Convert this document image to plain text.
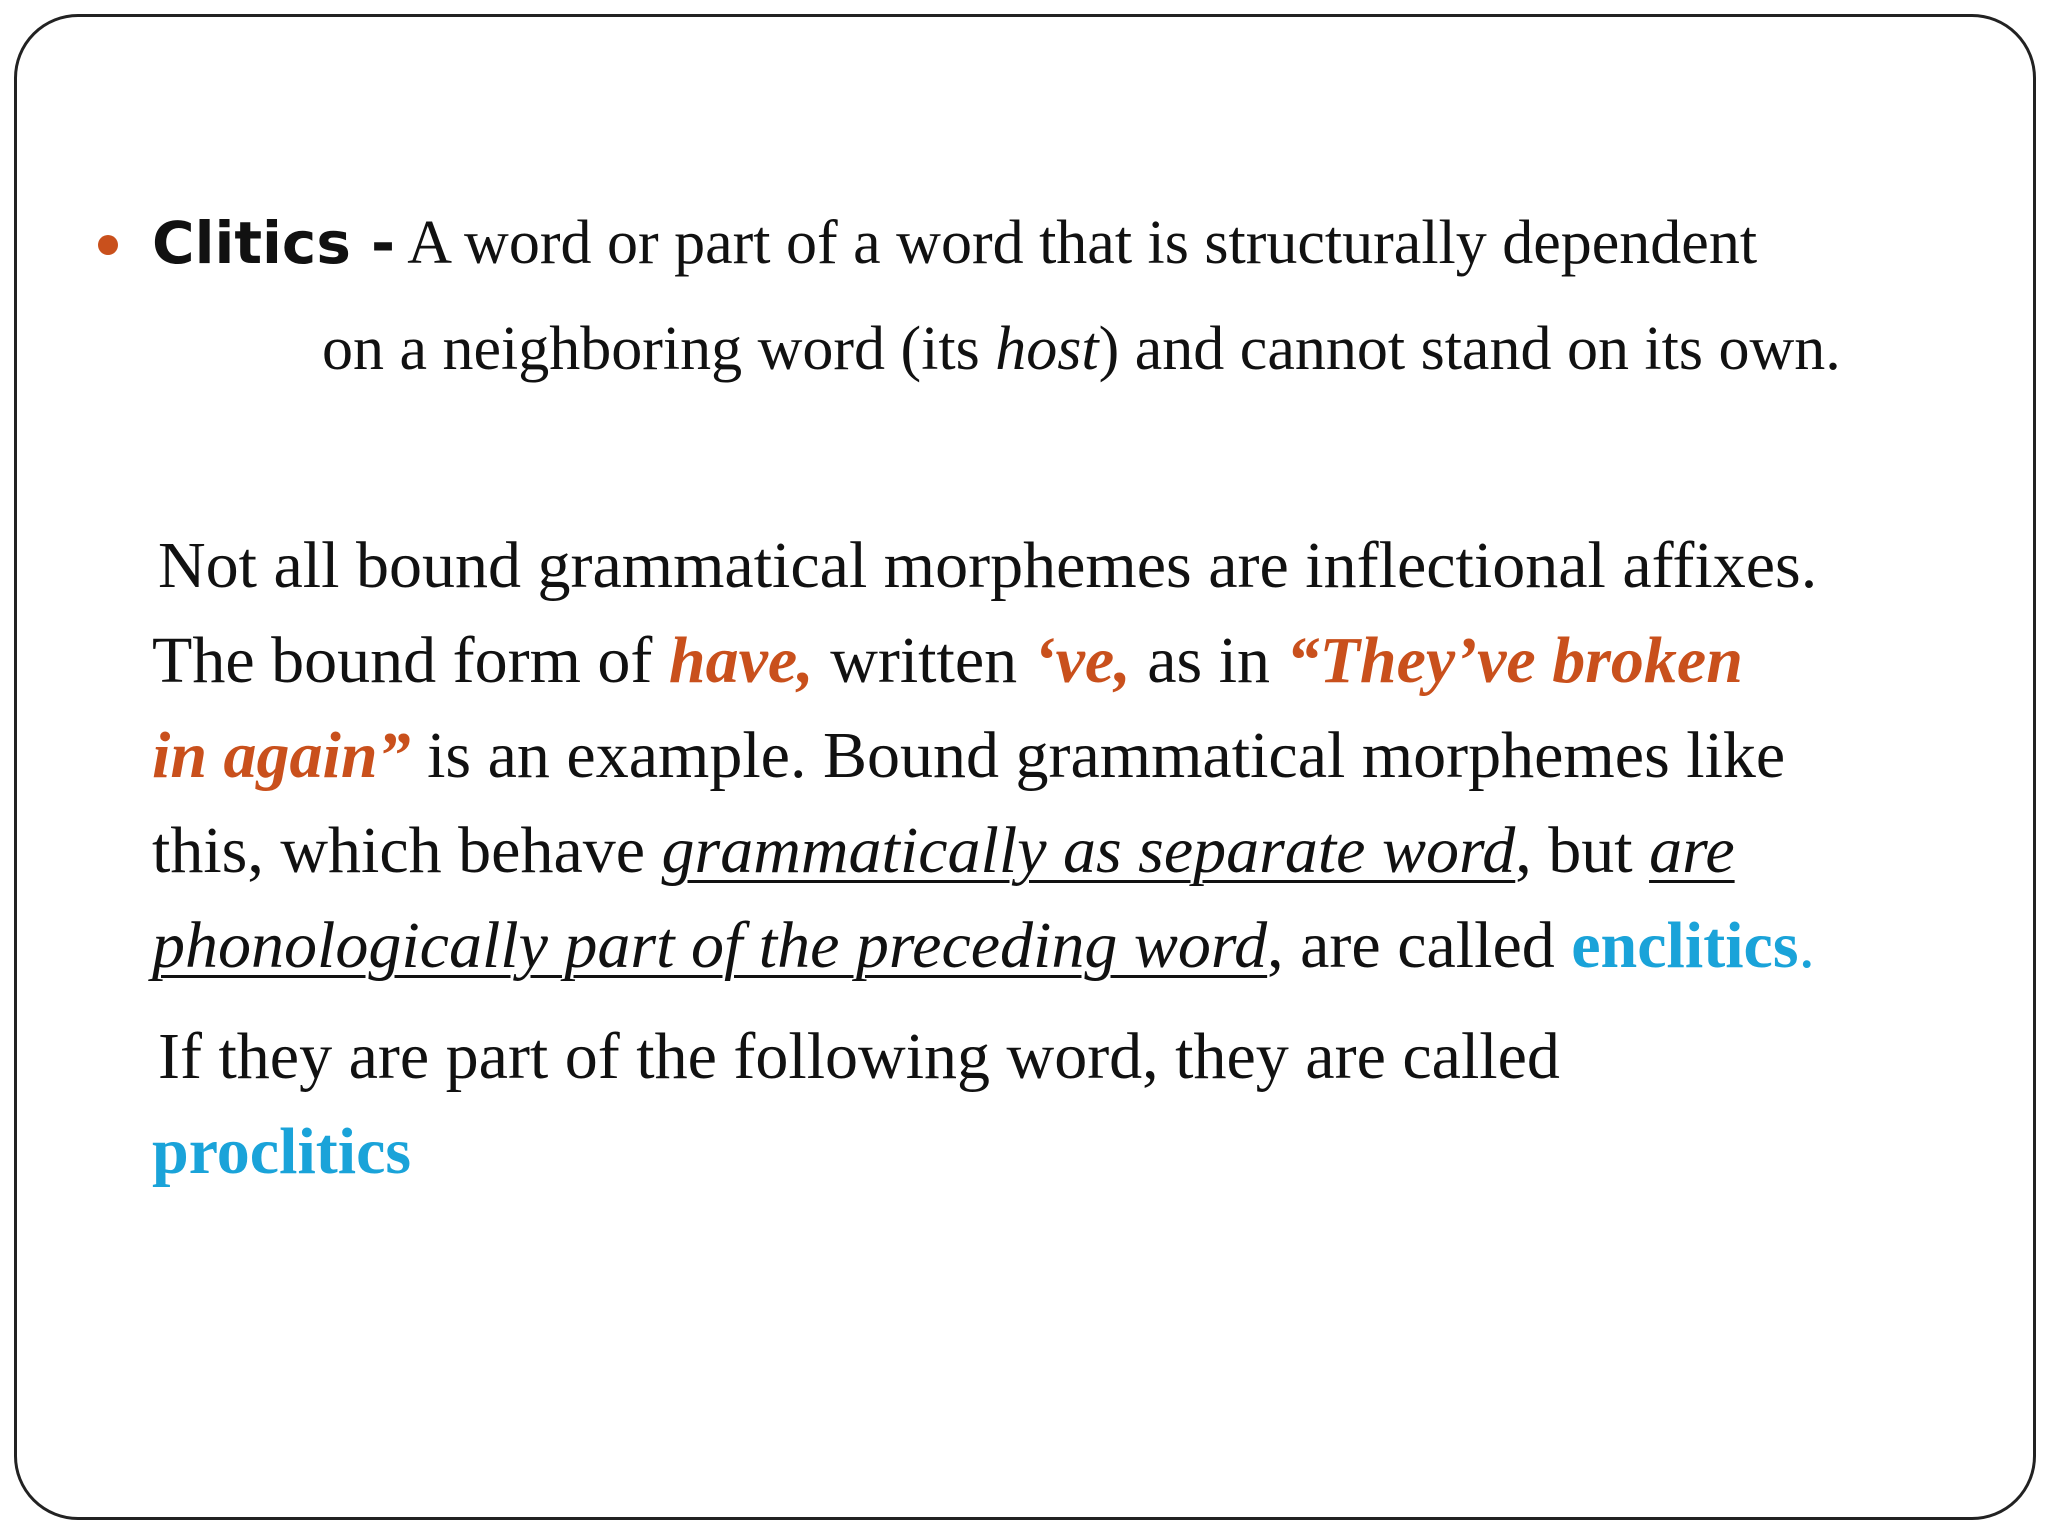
Clitics - A word or part of a word that is structurally dependent
on a neighboring word (its host) and cannot stand on its own.
Not all bound grammatical morphemes are inflectional affixes.
The bound form of have, written ‘ve, as in “They’ve broken
in again” is an example. Bound grammatical morphemes like
this, which behave grammatically as separate word, but are
phonologically part of the preceding word, are called enclitics.
If they are part of the following word, they are called
proclitics
